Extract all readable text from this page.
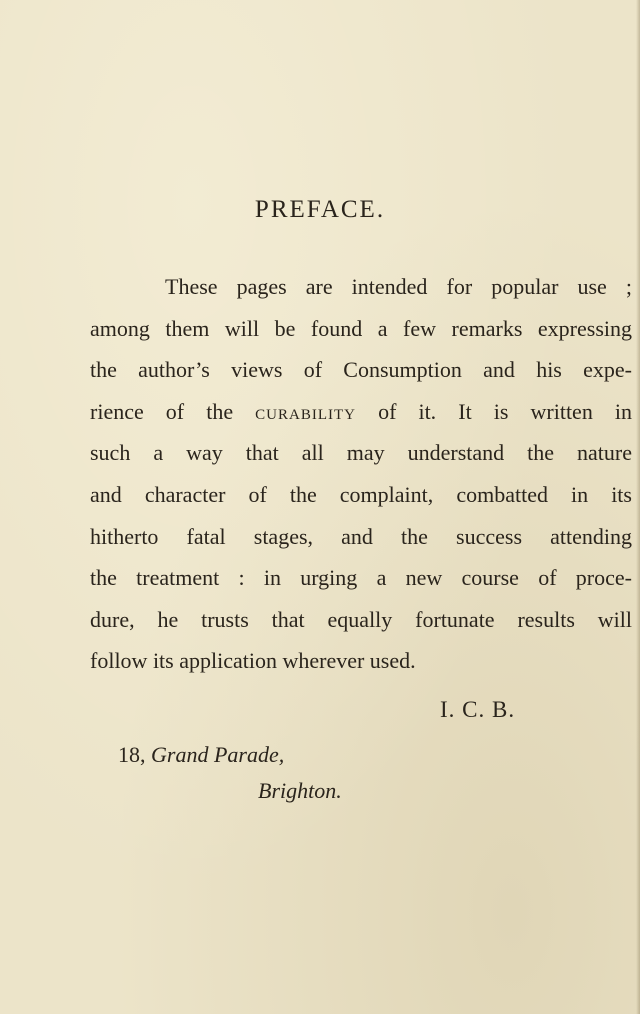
PREFACE.
These pages are intended for popular use ;
among them will be found a few remarks expressing
the author’s views of Consumption and his expe-
rience of the curability of it. It is written in
such a way that all may understand the nature
and character of the complaint, combatted in its
hitherto fatal stages, and the success attending
the treatment : in urging a new course of proce-
dure, he trusts that equally fortunate results will
follow its application wherever used.
I. C. B.
18, Grand Parade,
Brighton.
